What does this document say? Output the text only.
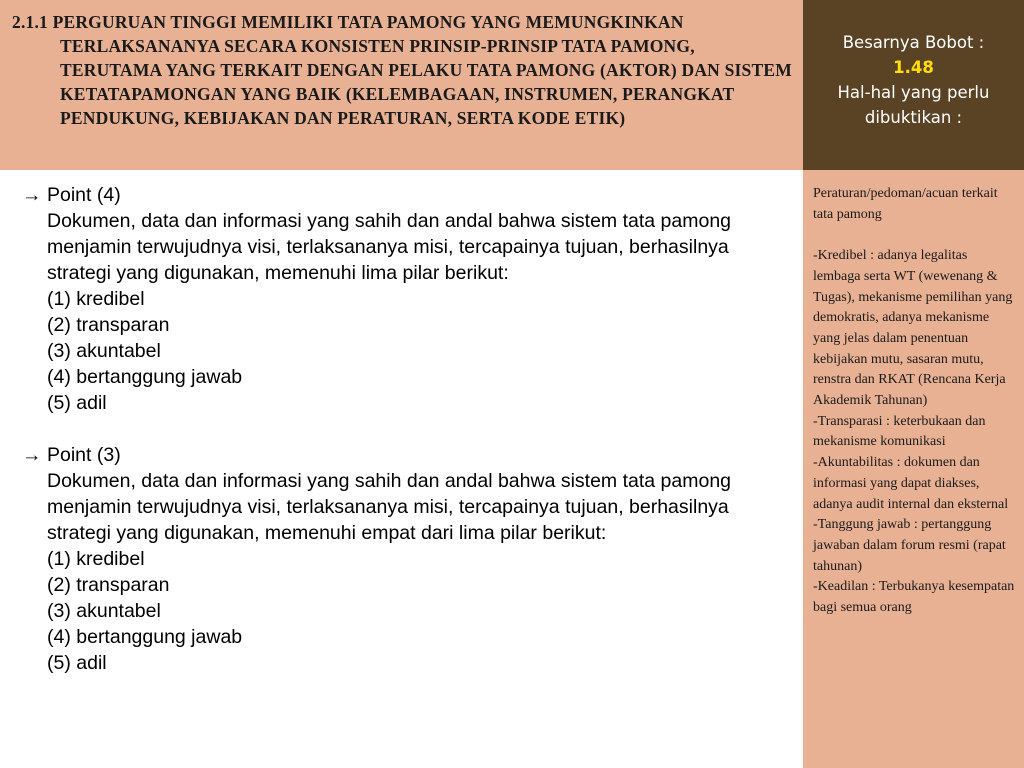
2.1.1 PERGURUAN TINGGI MEMILIKI TATA PAMONG YANG MEMUNGKINKAN TERLAKSANANYA SECARA KONSISTEN PRINSIP-PRINSIP TATA PAMONG, TERUTAMA YANG TERKAIT DENGAN PELAKU TATA PAMONG (AKTOR) DAN SISTEM KETATAPAMONGAN YANG BAIK (KELEMBAGAAN, INSTRUMEN, PERANGKAT PENDUKUNG, KEBIJAKAN DAN PERATURAN, SERTA KODE ETIK)

Besarnya Bobot :
1.48
Hal-hal yang perlu
dibuktikan :
→ Point (4)
Dokumen, data dan informasi yang sahih dan andal bahwa sistem tata pamong menjamin terwujudnya visi, terlaksananya misi, tercapainya tujuan, berhasilnya strategi yang digunakan, memenuhi lima pilar berikut:
(1) kredibel
(2) transparan
(3) akuntabel
(4) bertanggung jawab
(5) adil
→ Point (3)
Dokumen, data dan informasi yang sahih dan andal bahwa sistem tata pamong menjamin terwujudnya visi, terlaksananya misi, tercapainya tujuan, berhasilnya strategi yang digunakan, memenuhi empat dari lima pilar berikut:
(1) kredibel
(2) transparan
(3) akuntabel
(4) bertanggung jawab
(5) adil

Peraturan/pedoman/acuan terkait tata pamong

-Kredibel : adanya legalitas lembaga serta WT (wewenang & Tugas), mekanisme pemilihan yang demokratis, adanya mekanisme yang jelas dalam penentuan kebijakan mutu, sasaran mutu, renstra dan RKAT (Rencana Kerja Akademik Tahunan)

-Transparasi : keterbukaan dan mekanisme komunikasi

-Akuntabilitas : dokumen dan informasi yang dapat diakses, adanya audit internal dan eksternal

-Tanggung jawab : pertanggung jawaban dalam forum resmi (rapat tahunan)

-Keadilan : Terbukanya kesempatan bagi semua orang
